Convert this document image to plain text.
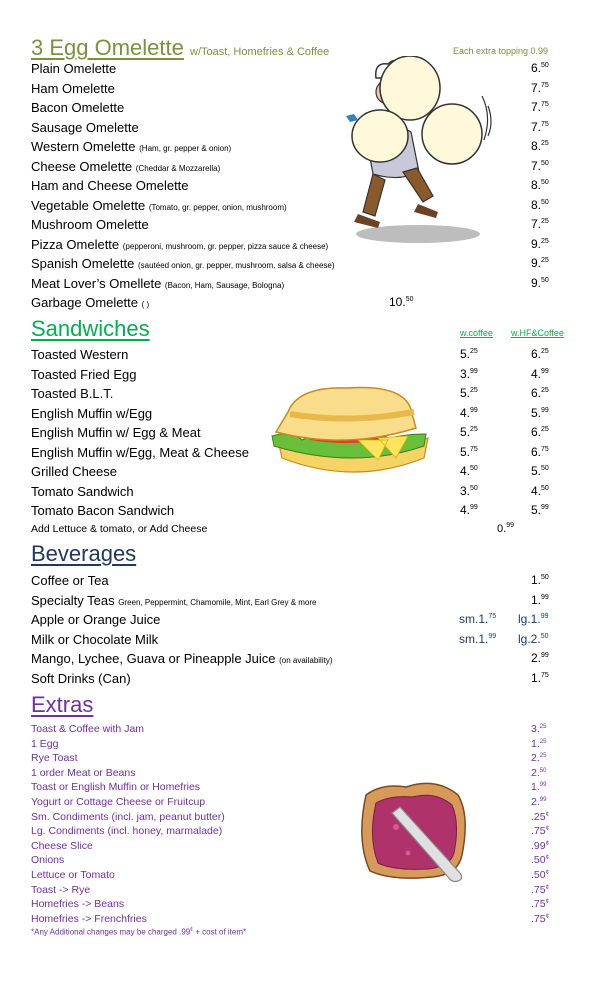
3 Egg Omelette w/Toast, Homefries & Coffee	Each extra topping 0.99
Plain Omelette	6.50
Ham Omelette	7.75
Bacon Omelette	7.75
Sausage Omelette	7.75
Western Omelette (Ham, gr. pepper & onion)	8.25
Cheese Omelette (Cheddar & Mozzarella)	7.50
Ham and Cheese Omelette	8.50
Vegetable Omelette (Tomato, gr. pepper, onion, mushroom)	8.50
Mushroom Omelette	7.25
Pizza Omelette (pepperoni, mushroom, gr. pepper, pizza sauce & cheese)	9.25
Spanish Omelette (sautéed onion, gr. pepper, mushroom, salsa & cheese)	9.25
Meat Lover’s Omellete (Bacon, Ham, Sausage, Bologna)	9.50
Garbage Omelette ( )	10.50
Sandwiches	w.coffee w.HF&Coffee
Toasted Western	5.25	6.25
Toasted Fried Egg	3.99	4.99
Toasted B.L.T.	5.25	6.25
English Muffin w/Egg	4.99	5.99
English Muffin w/ Egg & Meat	5.25	6.25
English Muffin w/Egg, Meat & Cheese	5.75	6.75
Grilled Cheese	4.50	5.50
Tomato Sandwich	3.50	4.50
Tomato Bacon Sandwich	4.99	5.99
Add Lettuce & tomato, or Add Cheese	0.99
Beverages
Coffee or Tea	1.50
Specialty Teas Green, Peppermint, Chamomile, Mint, Earl Grey & more	1.99
Apple or Orange Juice	sm.1.75 lg.1.99
Milk or Chocolate Milk	sm.1.99 lg.2.50
Mango, Lychee, Guava or Pineapple Juice (on availability)	2.99
Soft Drinks (Can)	1.75
Extras
Toast & Coffee with Jam	3.25
1 Egg	1.25
Rye Toast	2.25
1 order Meat or Beans	2.50
Toast or English Muffin or Homefries	1.99
Yogurt or Cottage Cheese or Fruitcup	2.99
Sm. Condiments (incl. jam, peanut butter)	.25¢
Lg. Condiments (incl. honey, marmalade)	.75¢
Cheese Slice	.99¢
Onions	.50¢
Lettuce or Tomato	.50¢
Toast -> Rye	.75¢
Homefries -> Beans	.75¢
Homefries -> Frenchfries	.75¢
*Any Additional changes may be charged .99¢ + cost of item*
